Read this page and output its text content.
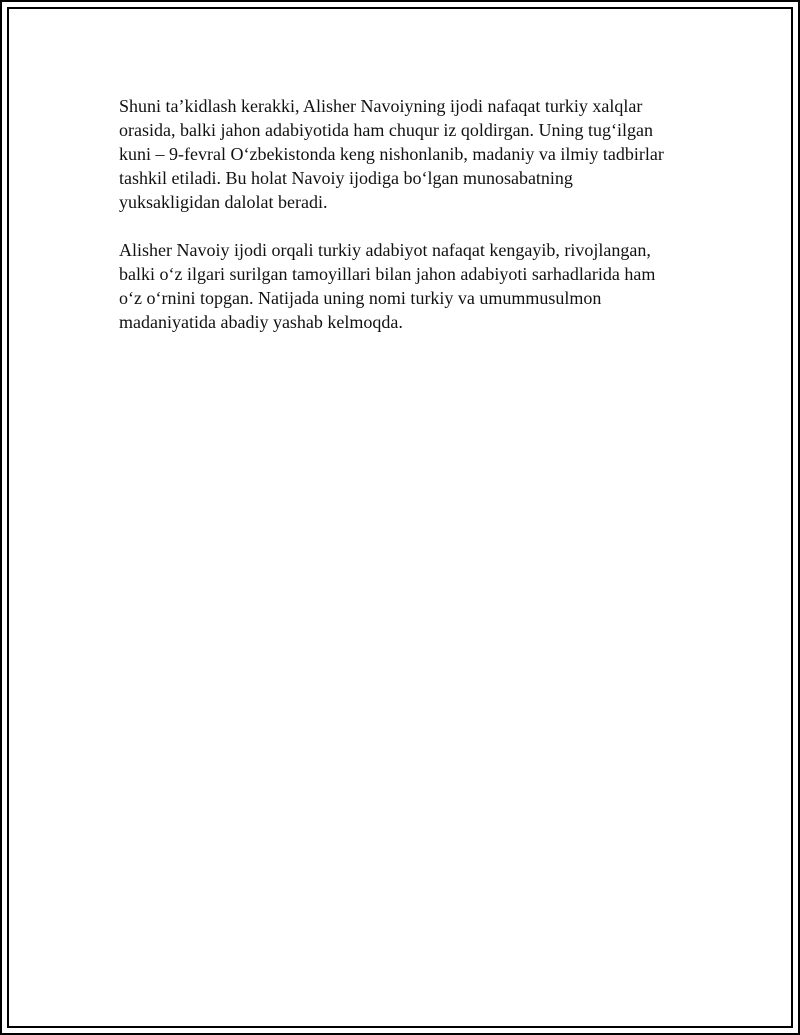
Shuni ta’kidlash kerakki, Alisher Navoiyning ijodi nafaqat turkiy xalqlar
orasida, balki jahon adabiyotida ham chuqur iz qoldirgan. Uning tug‘ilgan
kuni – 9-fevral O‘zbekistonda keng nishonlanib, madaniy va ilmiy tadbirlar
tashkil etiladi. Bu holat Navoiy ijodiga bo‘lgan munosabatning
yuksakligidan dalolat beradi.

Alisher Navoiy ijodi orqali turkiy adabiyot nafaqat kengayib, rivojlangan,
balki o‘z ilgari surilgan tamoyillari bilan jahon adabiyoti sarhadlarida ham
o‘z o‘rnini topgan. Natijada uning nomi turkiy va umummusulmon
madaniyatida abadiy yashab kelmoqda.
